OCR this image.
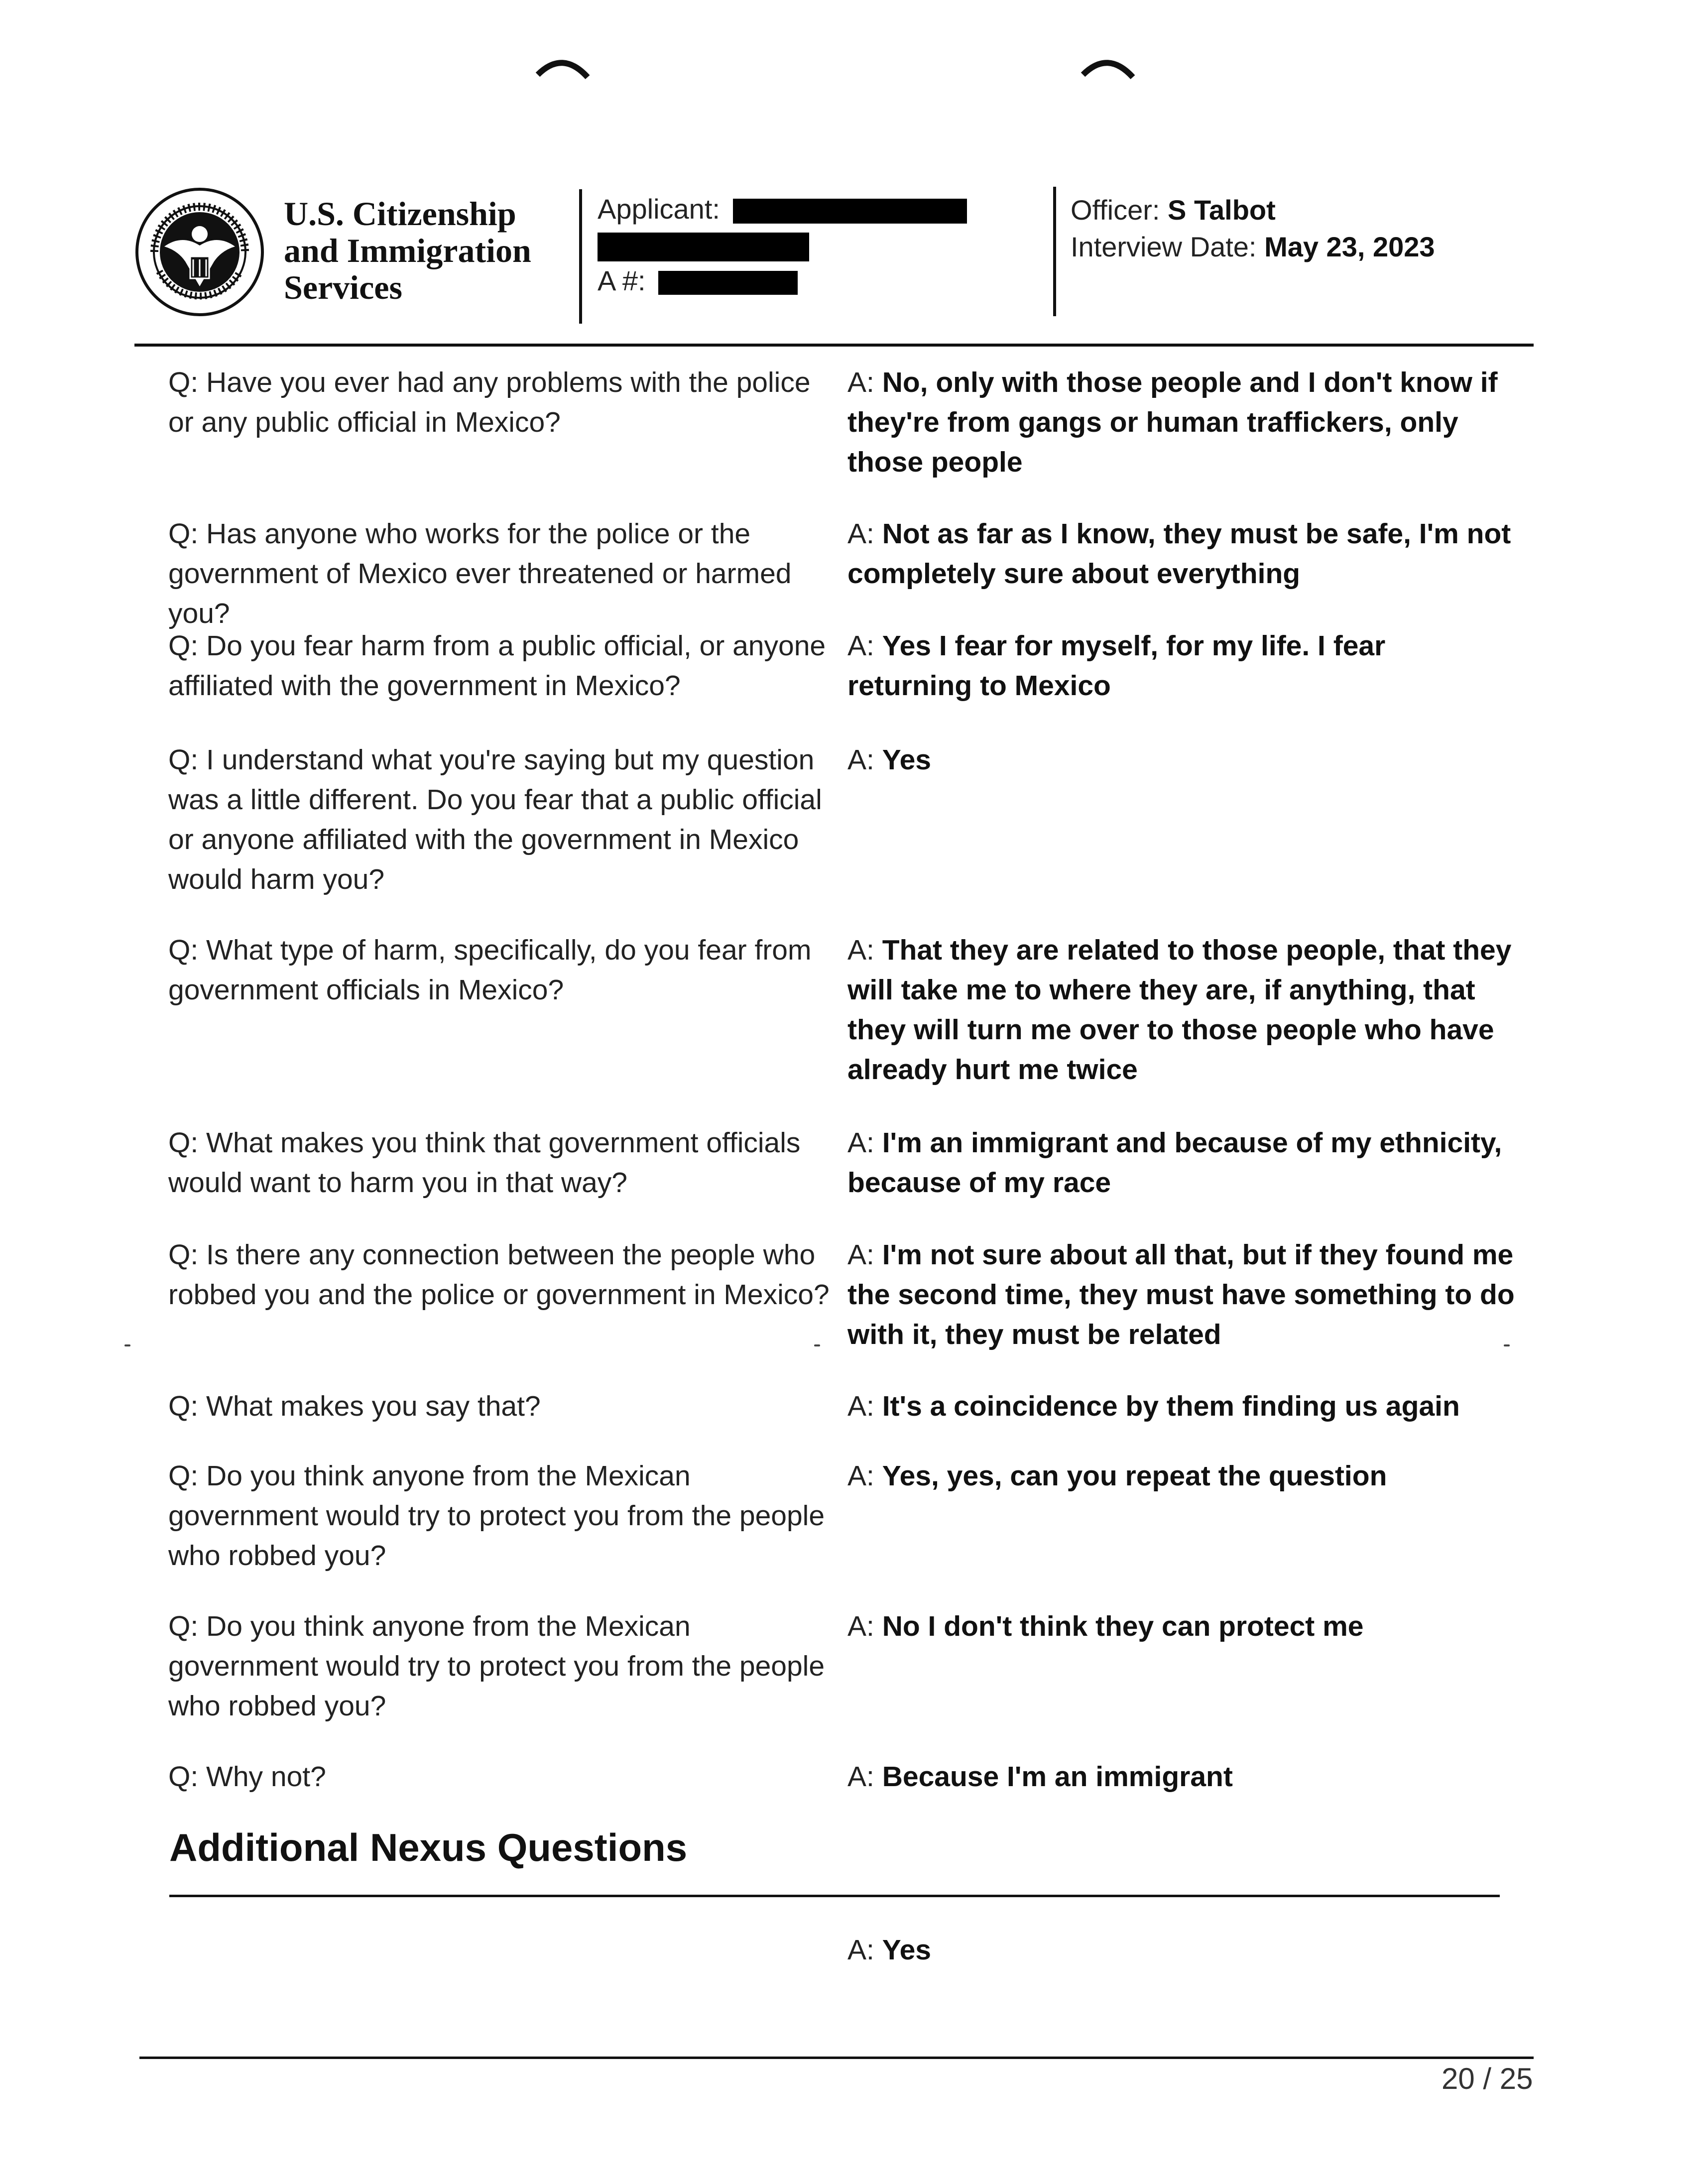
U.S. Citizenship
and Immigration
Services
Applicant:
A #:
Officer: S Talbot
Interview Date: May 23, 2023
Q: Have you ever had any problems with the police or any public official in Mexico?
A: No, only with those people and I don't know if they're from gangs or human traffickers, only those people
Q: Has anyone who works for the police or the government of Mexico ever threatened or harmed you?
A: Not as far as I know, they must be safe, I'm not completely sure about everything
Q: Do you fear harm from a public official, or anyone affiliated with the government in Mexico?
A: Yes I fear for myself, for my life. I fear returning to Mexico
Q: I understand what you're saying but my question was a little different. Do you fear that a public official or anyone affiliated with the government in Mexico would harm you?
A: Yes
Q: What type of harm, specifically, do you fear from government officials in Mexico?
A: That they are related to those people, that they will take me to where they are, if anything, that they will turn me over to those people who have already hurt me twice
Q: What makes you think that government officials would want to harm you in that way?
A: I'm an immigrant and because of my ethnicity, because of my race
Q: Is there any connection between the people who robbed you and the police or government in Mexico?
A: I'm not sure about all that, but if they found me the second time, they must have something to do with it, they must be related
Q: What makes you say that?	A: It's a coincidence by them finding us again
Q: Do you think anyone from the Mexican government would try to protect you from the people who robbed you?
A: Yes, yes, can you repeat the question
Q: Do you think anyone from the Mexican government would try to protect you from the people who robbed you?
A: No I don't think they can protect me
Q: Why not?	A: Because I'm an immigrant
Additional Nexus Questions
A: Yes
20 / 25
